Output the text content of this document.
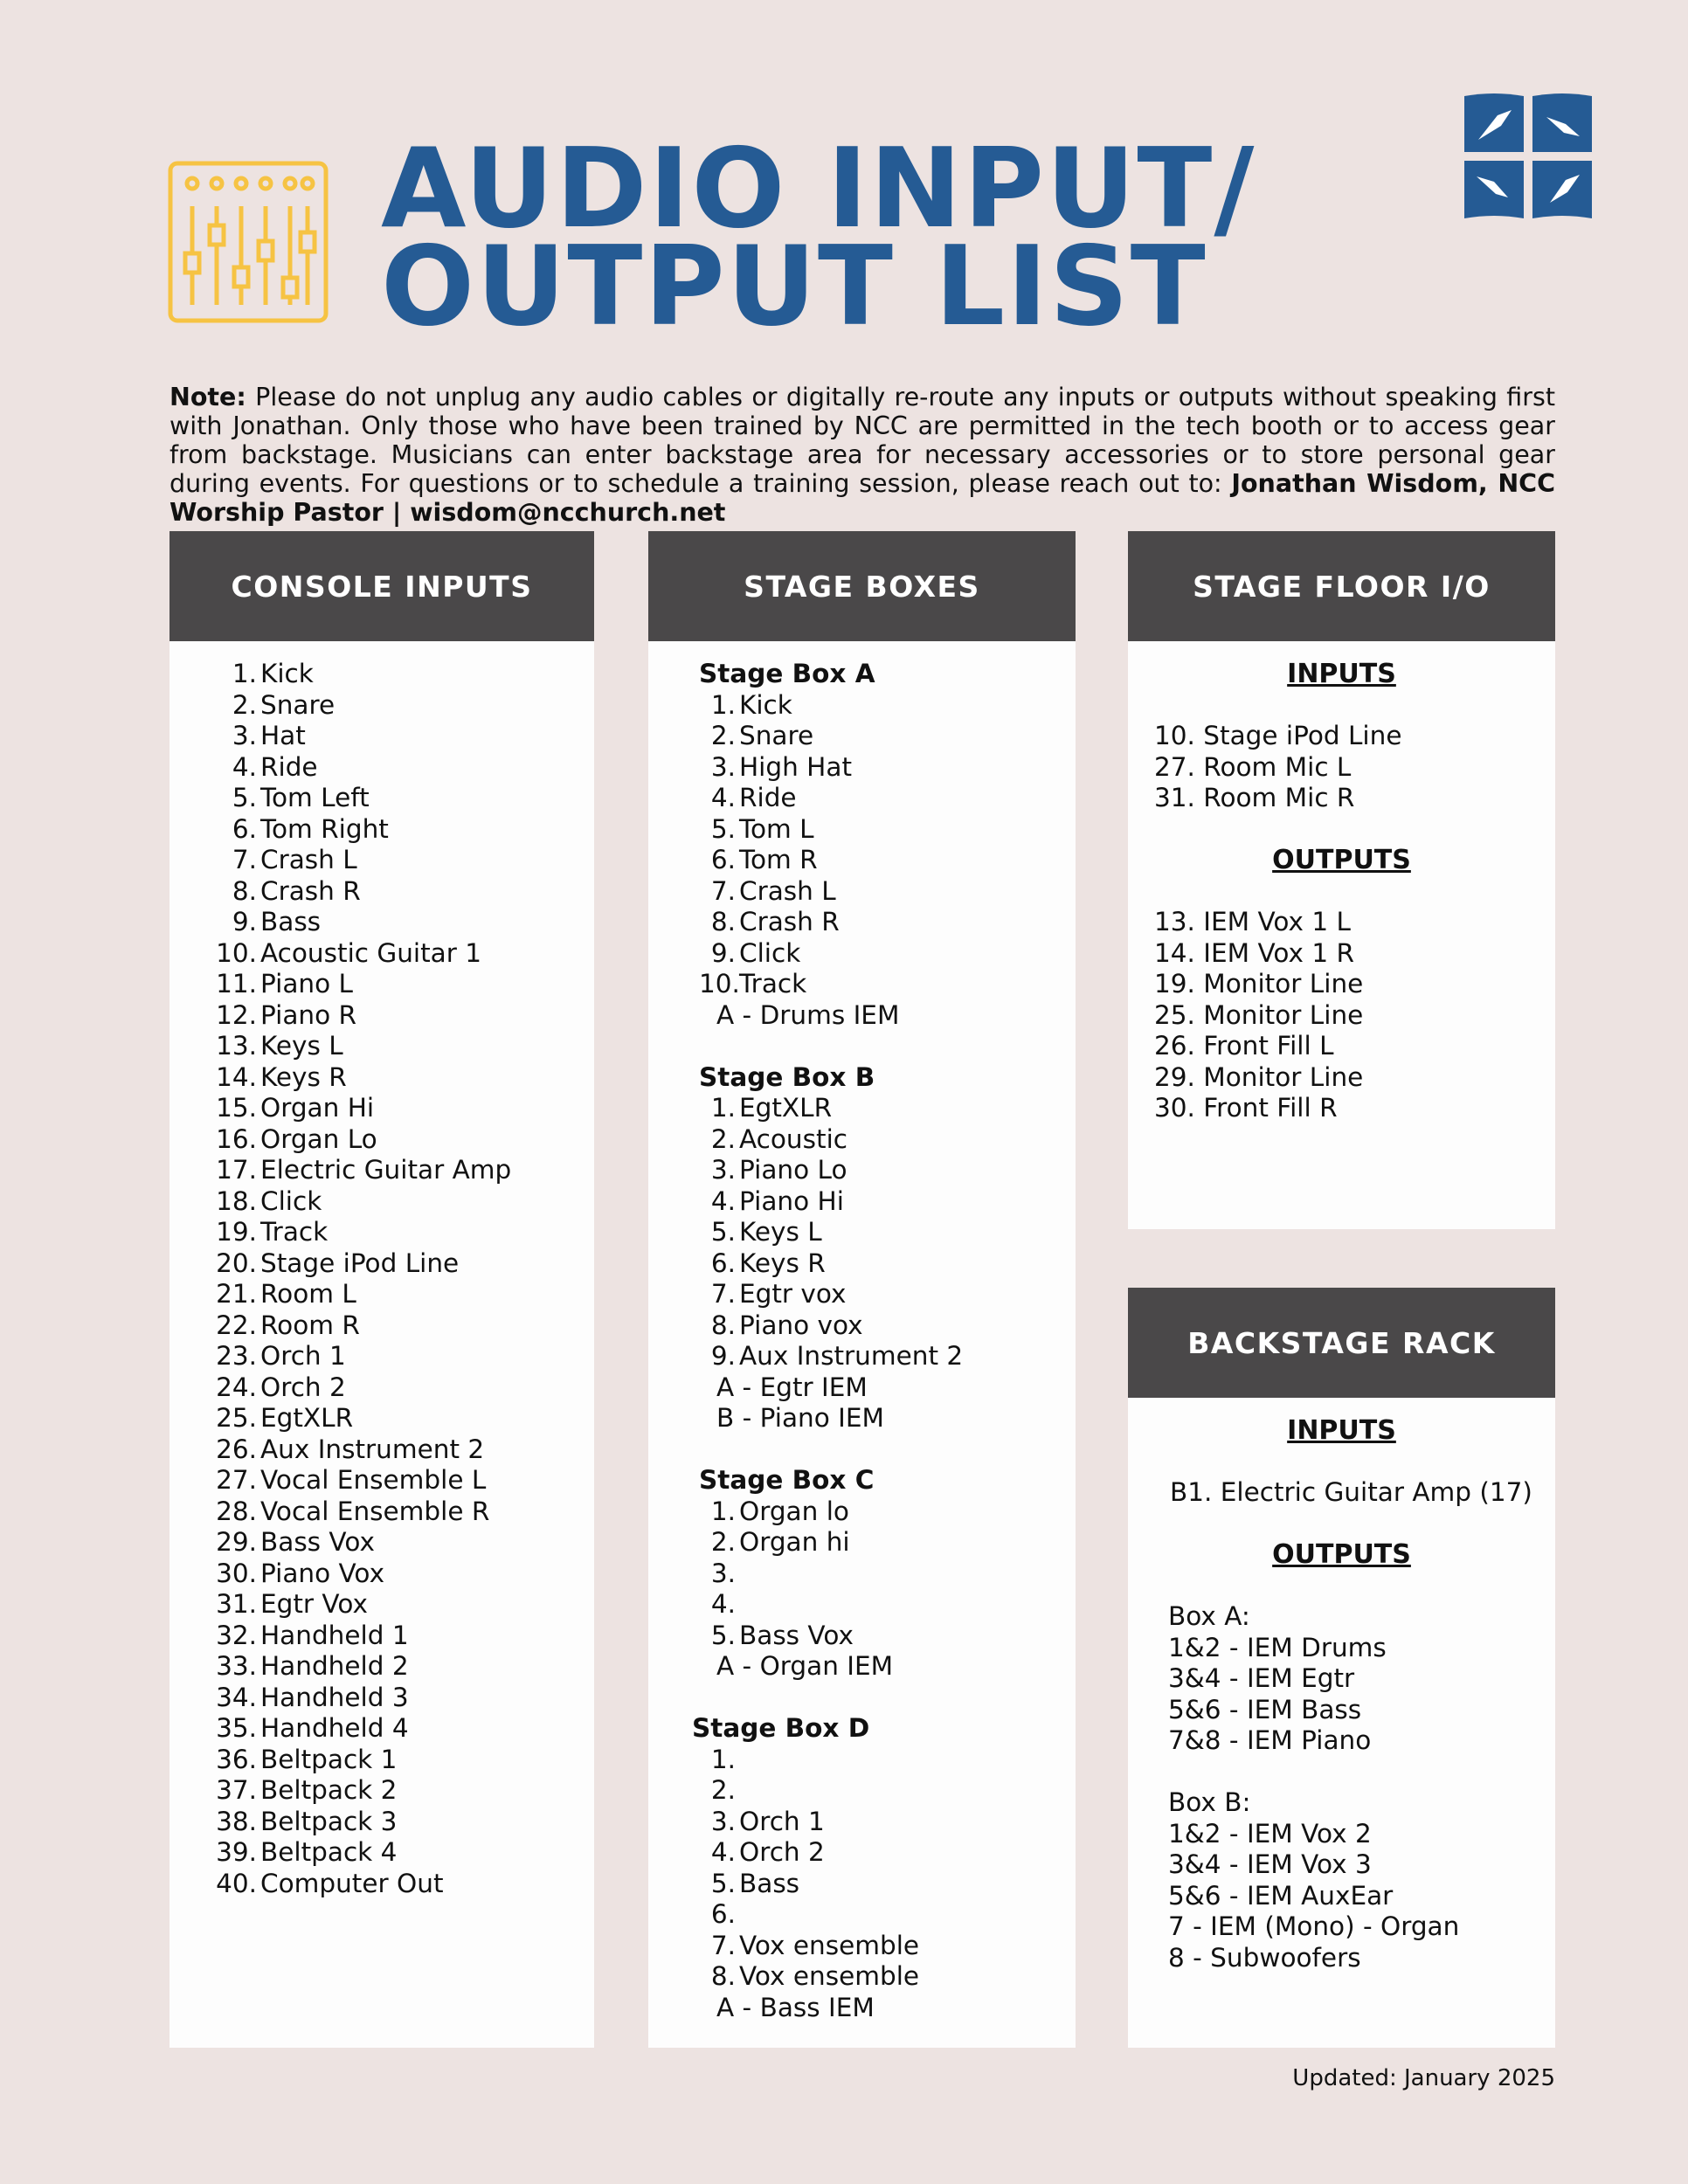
AUDIO INPUT/
OUTPUT LIST
Note: Please do not unplug any audio cables or digitally re-route any inputs or outputs without speaking first with Jonathan. Only those who have been trained by NCC are permitted in the tech booth or to access gear from backstage. Musicians can enter backstage area for necessary accessories or to store personal gear during events. For questions or to schedule a training session, please reach out to: Jonathan Wisdom, NCC Worship Pastor | wisdom@ncchurch.net
CONSOLE INPUTS
1. Kick
2. Snare
3. Hat
4. Ride
5. Tom Left
6. Tom Right
7. Crash L
8. Crash R
9. Bass
10. Acoustic Guitar 1
11. Piano L
12. Piano R
13. Keys L
14. Keys R
15. Organ Hi
16. Organ Lo
17. Electric Guitar Amp
18. Click
19. Track
20. Stage iPod Line
21. Room L
22. Room R
23. Orch 1
24. Orch 2
25. EgtXLR
26. Aux Instrument 2
27. Vocal Ensemble L
28. Vocal Ensemble R
29. Bass Vox
30. Piano Vox
31. Egtr Vox
32. Handheld 1
33. Handheld 2
34. Handheld 3
35. Handheld 4
36. Beltpack 1
37. Beltpack 2
38. Beltpack 3
39. Beltpack 4
40. Computer Out
STAGE BOXES
Stage Box A
1. Kick
2. Snare
3. High Hat
4. Ride
5. Tom L
6. Tom R
7. Crash L
8. Crash R
9. Click
10.Track
A - Drums IEM
Stage Box B
1. EgtXLR
2. Acoustic
3. Piano Lo
4. Piano Hi
5. Keys L
6. Keys R
7. Egtr vox
8. Piano vox
9. Aux Instrument 2
A - Egtr IEM
B - Piano IEM
Stage Box C
1. Organ lo
2. Organ hi
3.
4.
5. Bass Vox
A - Organ IEM
Stage Box D
1.
2.
3. Orch 1
4. Orch 2
5. Bass
6.
7. Vox ensemble
8. Vox ensemble
A - Bass IEM
STAGE FLOOR I/O
INPUTS
10. Stage iPod Line
27. Room Mic L
31. Room Mic R
OUTPUTS
13. IEM Vox 1 L
14. IEM Vox 1 R
19. Monitor Line
25. Monitor Line
26. Front Fill L
29. Monitor Line
30. Front Fill R
BACKSTAGE RACK
INPUTS
B1. Electric Guitar Amp (17)
OUTPUTS
Box A:
1&2 - IEM Drums
3&4 - IEM Egtr
5&6 - IEM Bass
7&8 - IEM Piano
Box B:
1&2 - IEM Vox 2
3&4 - IEM Vox 3
5&6 - IEM AuxEar
7 - IEM (Mono) - Organ
8 - Subwoofers
Updated: January 2025
